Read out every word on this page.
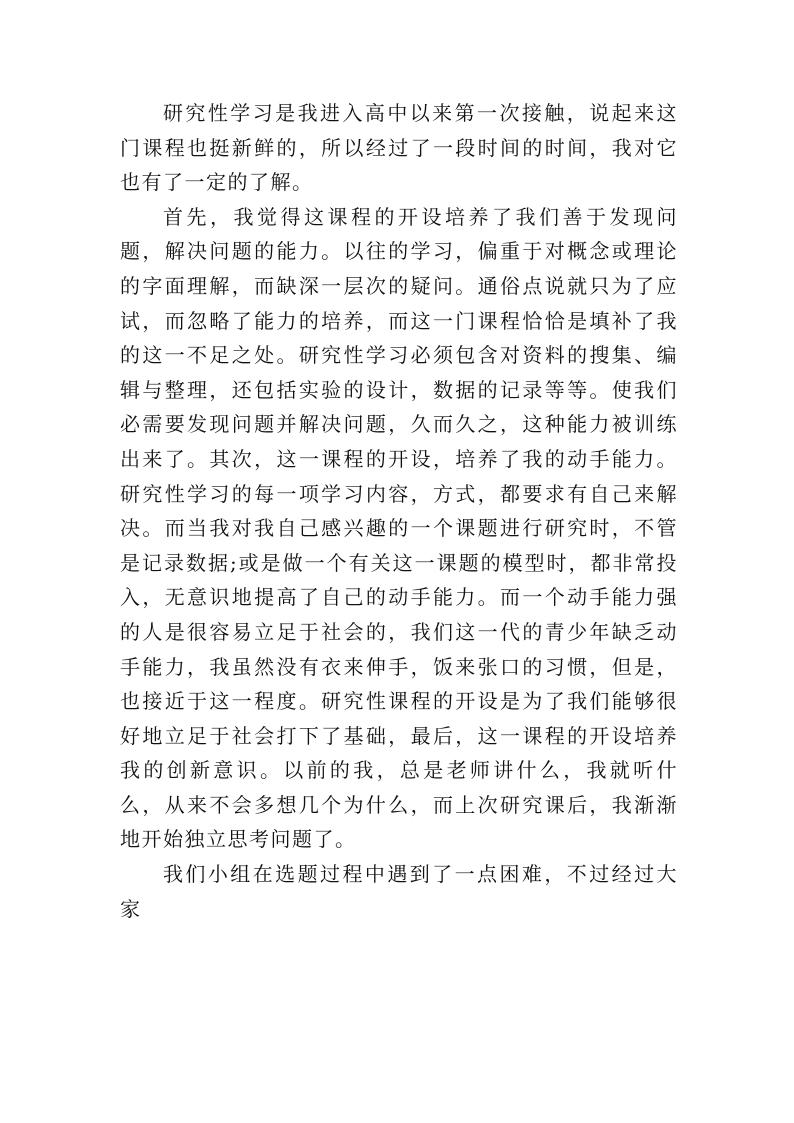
研究性学习是我进入高中以来第一次接触，说起来这门课程也挺新鲜的，所以经过了一段时间的时间，我对它也有了一定的了解。

首先，我觉得这课程的开设培养了我们善于发现问题，解决问题的能力。以往的学习，偏重于对概念或理论的字面理解，而缺深一层次的疑问。通俗点说就只为了应试，而忽略了能力的培养，而这一门课程恰恰是填补了我的这一不足之处。研究性学习必须包含对资料的搜集、编辑与整理，还包括实验的设计，数据的记录等等。使我们必需要发现问题并解决问题，久而久之，这种能力被训练出来了。其次，这一课程的开设，培养了我的动手能力。研究性学习的每一项学习内容，方式，都要求有自己来解决。而当我对我自己感兴趣的一个课题进行研究时，不管是记录数据;或是做一个有关这一课题的模型时，都非常投入，无意识地提高了自己的动手能力。而一个动手能力强的人是很容易立足于社会的，我们这一代的青少年缺乏动手能力，我虽然没有衣来伸手，饭来张口的习惯，但是，也接近于这一程度。研究性课程的开设是为了我们能够很好地立足于社会打下了基础，最后，这一课程的开设培养我的创新意识。以前的我，总是老师讲什么，我就听什么，从来不会多想几个为什么，而上次研究课后，我渐渐地开始独立思考问题了。

我们小组在选题过程中遇到了一点困难，不过经过大家
